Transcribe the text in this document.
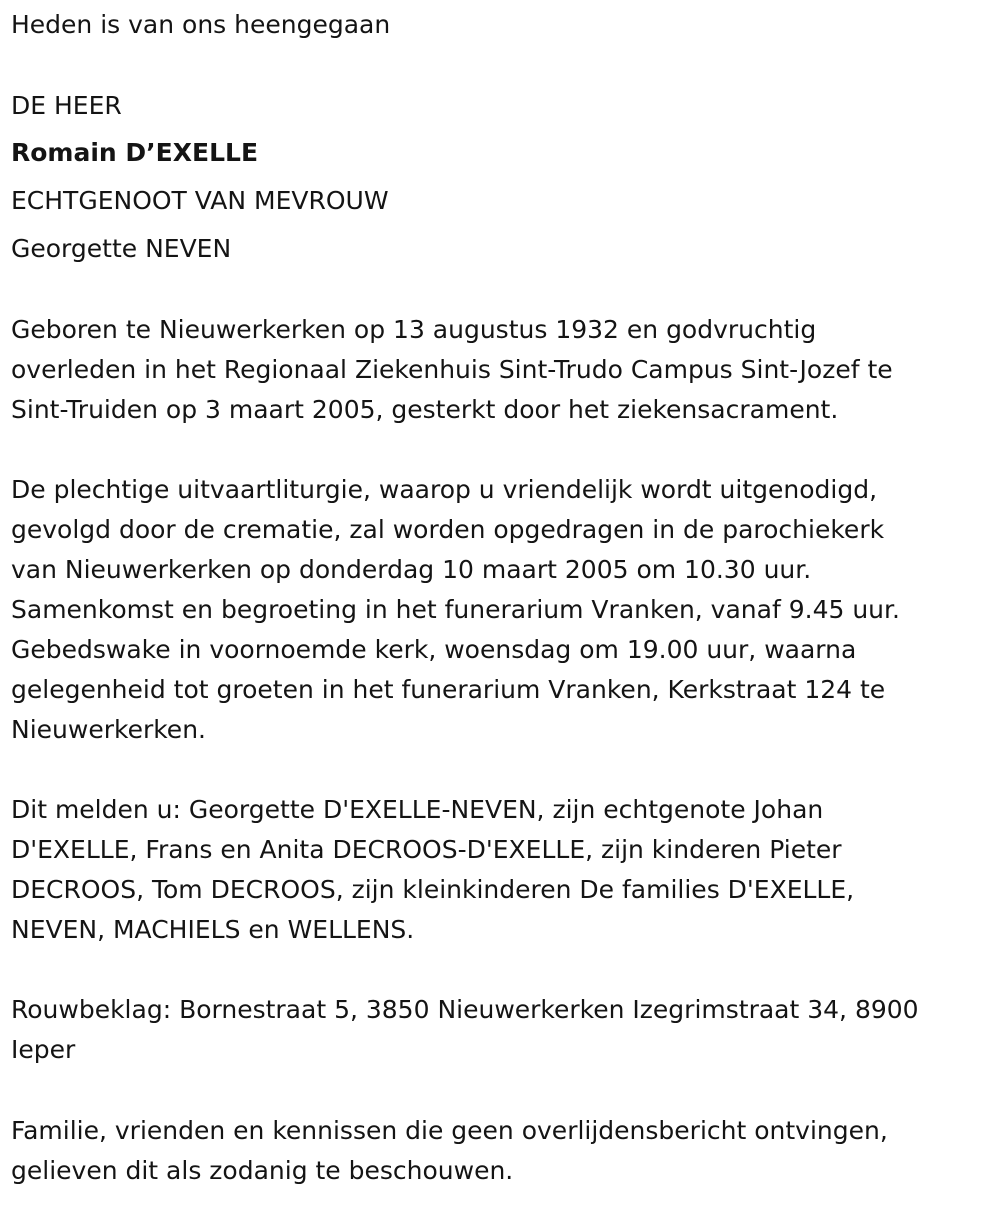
Heden is van ons heengegaan
DE HEER
Romain D’EXELLE
ECHTGENOOT VAN MEVROUW
Georgette NEVEN
Geboren te Nieuwerkerken op 13 augustus 1932 en godvruchtig
overleden in het Regionaal Ziekenhuis Sint-Trudo Campus Sint-Jozef te
Sint-Truiden op 3 maart 2005, gesterkt door het ziekensacrament.
De plechtige uitvaartliturgie, waarop u vriendelijk wordt uitgenodigd,
gevolgd door de crematie, zal worden opgedragen in de parochiekerk
van Nieuwerkerken op donderdag 10 maart 2005 om 10.30 uur.
Samenkomst en begroeting in het funerarium Vranken, vanaf 9.45 uur.
Gebedswake in voornoemde kerk, woensdag om 19.00 uur, waarna
gelegenheid tot groeten in het funerarium Vranken, Kerkstraat 124 te
Nieuwerkerken.
Dit melden u: Georgette D'EXELLE-NEVEN, zijn echtgenote Johan
D'EXELLE, Frans en Anita DECROOS-D'EXELLE, zijn kinderen Pieter
DECROOS, Tom DECROOS, zijn kleinkinderen De families D'EXELLE,
NEVEN, MACHIELS en WELLENS.
Rouwbeklag: Bornestraat 5, 3850 Nieuwerkerken Izegrimstraat 34, 8900
Ieper
Familie, vrienden en kennissen die geen overlijdensbericht ontvingen,
gelieven dit als zodanig te beschouwen.
